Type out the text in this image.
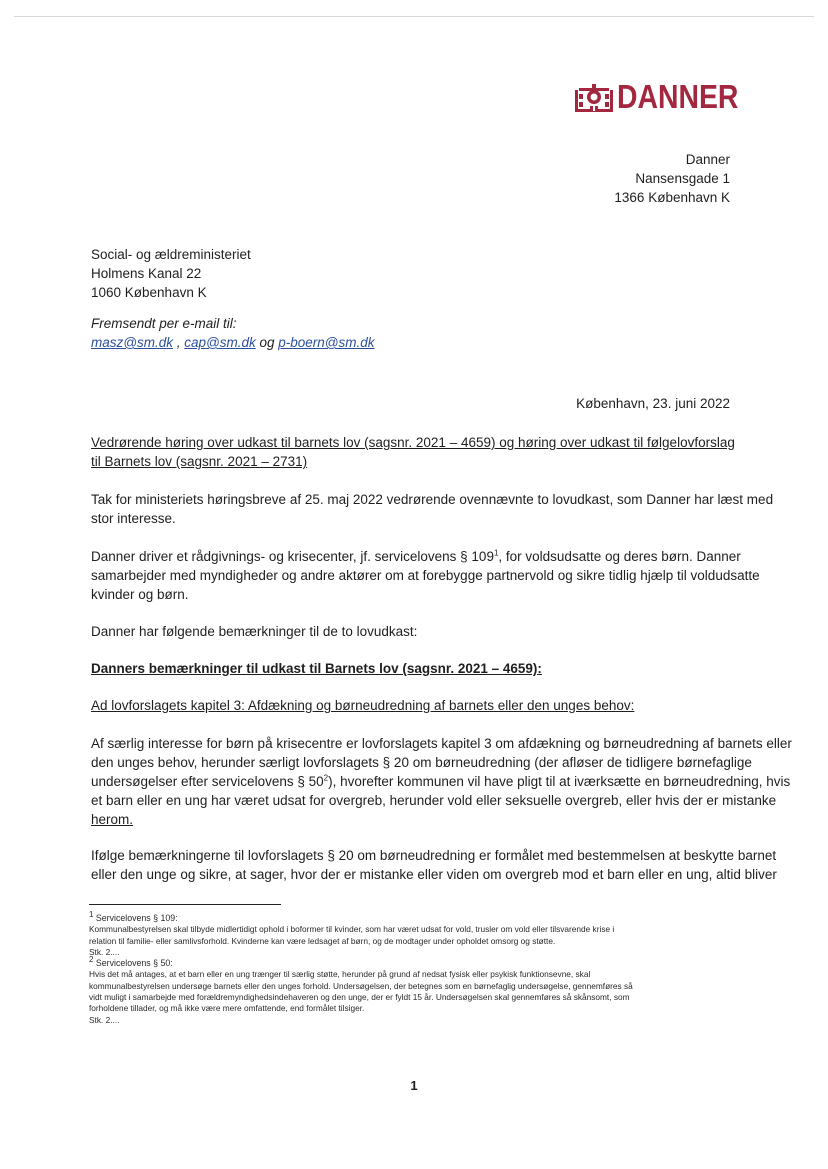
DANNER
Danner
Nansensgade 1
1366 København K
Social- og ældreministeriet
Holmens Kanal 22
1060 København K
Fremsendt per e-mail til:
masz@sm.dk , cap@sm.dk og p-boern@sm.dk
København, 23. juni 2022
Vedrørende høring over udkast til barnets lov (sagsnr. 2021 – 4659) og høring over udkast til følgelovforslag
til Barnets lov (sagsnr. 2021 – 2731)
Tak for ministeriets høringsbreve af 25. maj 2022 vedrørende ovennævnte to lovudkast, som Danner har læst med
stor interesse.
Danner driver et rådgivnings- og krisecenter, jf. servicelovens § $109^1$, for voldsudsatte og deres børn. Danner
samarbejder med myndigheder og andre aktører om at forebygge partnervold og sikre tidlig hjælp til voldudsatte
kvinder og børn.
Danner har følgende bemærkninger til de to lovudkast:
Danners bemærkninger til udkast til Barnets lov (sagsnr. 2021 – 4659):
Ad lovforslagets kapitel 3: Afdækning og børneudredning af barnets eller den unges behov:
Af særlig interesse for børn på krisecentre er lovforslagets kapitel 3 om afdækning og børneudredning af barnets eller
den unges behov, herunder særligt lovforslagets § 20 om børneudredning (der afløser de tidligere børnefaglige
undersøgelser efter servicelovens § $50^2$), hvorefter kommunen vil have pligt til at iværksætte en børneudredning, hvis
et barn eller en ung har været udsat for overgreb, herunder vold eller seksuelle overgreb, eller hvis der er mistanke
herom.
Ifølge bemærkningerne til lovforslagets § 20 om børneudredning er formålet med bestemmelsen at beskytte barnet
eller den unge og sikre, at sager, hvor der er mistanke eller viden om overgreb mod et barn eller en ung, altid bliver
1 Servicelovens § 109:
Kommunalbestyrelsen skal tilbyde midlertidigt ophold i boformer til kvinder, som har været udsat for vold, trusler om vold eller tilsvarende krise i
relation til familie- eller samlivsforhold. Kvinderne kan være ledsaget af børn, og de modtager under opholdet omsorg og støtte.
Stk. 2....
2 Servicelovens § 50:
Hvis det må antages, at et barn eller en ung trænger til særlig støtte, herunder på grund af nedsat fysisk eller psykisk funktionsevne, skal
kommunalbestyrelsen undersøge barnets eller den unges forhold. Undersøgelsen, der betegnes som en børnefaglig undersøgelse, gennemføres så
vidt muligt i samarbejde med forældremyndighedsindehaveren og den unge, der er fyldt 15 år. Undersøgelsen skal gennemføres så skånsomt, som
forholdene tillader, og må ikke være mere omfattende, end formålet tilsiger.
Stk. 2....
1
